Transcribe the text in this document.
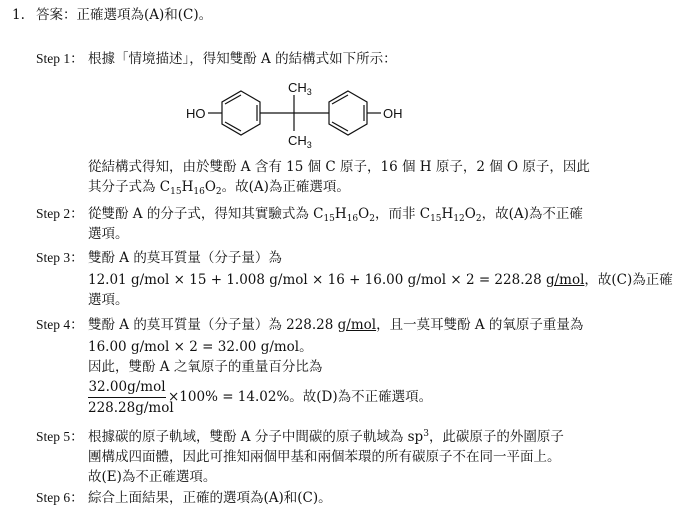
1. 答案：正確選項為(A)和(C)。
Step 1： 根據「情境描述」，得知雙酚 A 的結構式如下所示：
HO	OH
$CH_3$
$CH_3$
從結構式得知，由於雙酚 A 含有 15 個 C 原子，16 個 H 原子，2 個 O 原子，因此
其分子式為 $C_{15}H_{16}O_2$。故(A)為正確選項。
Step 2： 從雙酚 A 的分子式，得知其實驗式為 $C_{15}H_{16}O_2$，而非 $C_{15}H_{12}O_2$，故(A)為不正確
選項。
Step 3： 雙酚 A 的莫耳質量（分子量）為
12.01 g/mol × 15 + 1.008 g/mol × 16 + 16.00 g/mol × 2 = 228.28 g/mol，故(C)為正確
選項。
Step 4： 雙酚 A 的莫耳質量（分子量）為 228.28 g/mol，且一莫耳雙酚 A 的氧原子重量為
16.00 g/mol × 2 = 32.00 g/mol。
因此，雙酚 A 之氧原子的重量百分比為
32.00g/mol
228.28g/mol
×100% = 14.02%。故(D)為不正確選項。
Step 5： 根據碳的原子軌域，雙酚 A 分子中間碳的原子軌域為 $sp^3$，此碳原子的外圍原子
團構成四面體，因此可推知兩個甲基和兩個苯環的所有碳原子不在同一平面上。
故(E)為不正確選項。
Step 6： 綜合上面結果，正確的選項為(A)和(C)。
